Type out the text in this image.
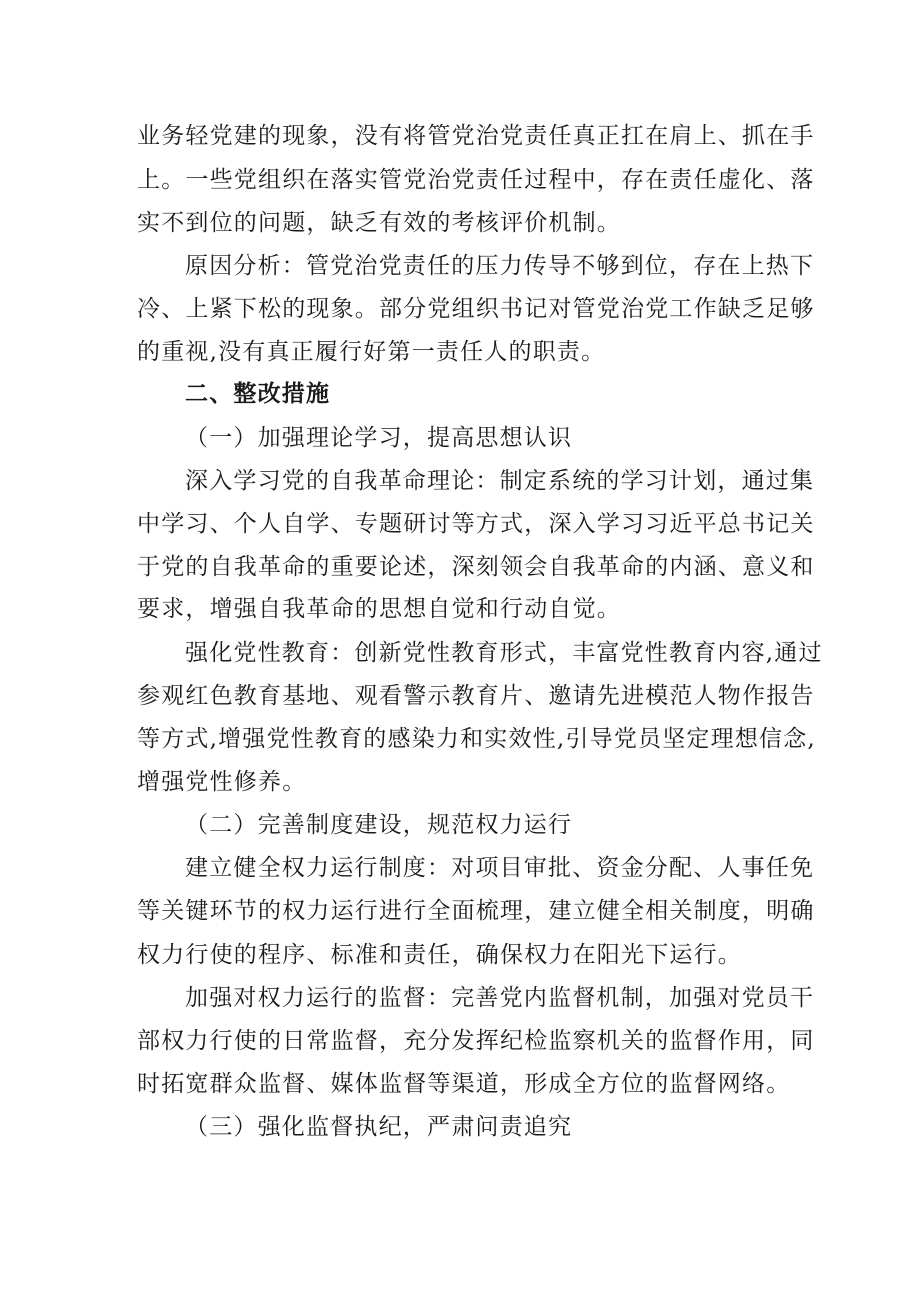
业务轻党建的现象，没有将管党治党责任真正扛在肩上、抓在手
上。一些党组织在落实管党治党责任过程中，存在责任虚化、落
实不到位的问题，缺乏有效的考核评价机制。
原因分析：管党治党责任的压力传导不够到位，存在上热下
冷、上紧下松的现象。部分党组织书记对管党治党工作缺乏足够
的重视,没有真正履行好第一责任人的职责。
二、整改措施
（一）加强理论学习，提高思想认识
深入学习党的自我革命理论：制定系统的学习计划，通过集
中学习、个人自学、专题研讨等方式，深入学习习近平总书记关
于党的自我革命的重要论述，深刻领会自我革命的内涵、意义和
要求，增强自我革命的思想自觉和行动自觉。
强化党性教育：创新党性教育形式，丰富党性教育内容,通过
参观红色教育基地、观看警示教育片、邀请先进模范人物作报告
等方式,增强党性教育的感染力和实效性,引导党员坚定理想信念,
增强党性修养。
（二）完善制度建设，规范权力运行
建立健全权力运行制度：对项目审批、资金分配、人事任免
等关键环节的权力运行进行全面梳理，建立健全相关制度，明确
权力行使的程序、标准和责任，确保权力在阳光下运行。
加强对权力运行的监督：完善党内监督机制，加强对党员干
部权力行使的日常监督，充分发挥纪检监察机关的监督作用，同
时拓宽群众监督、媒体监督等渠道，形成全方位的监督网络。
（三）强化监督执纪，严肃问责追究
